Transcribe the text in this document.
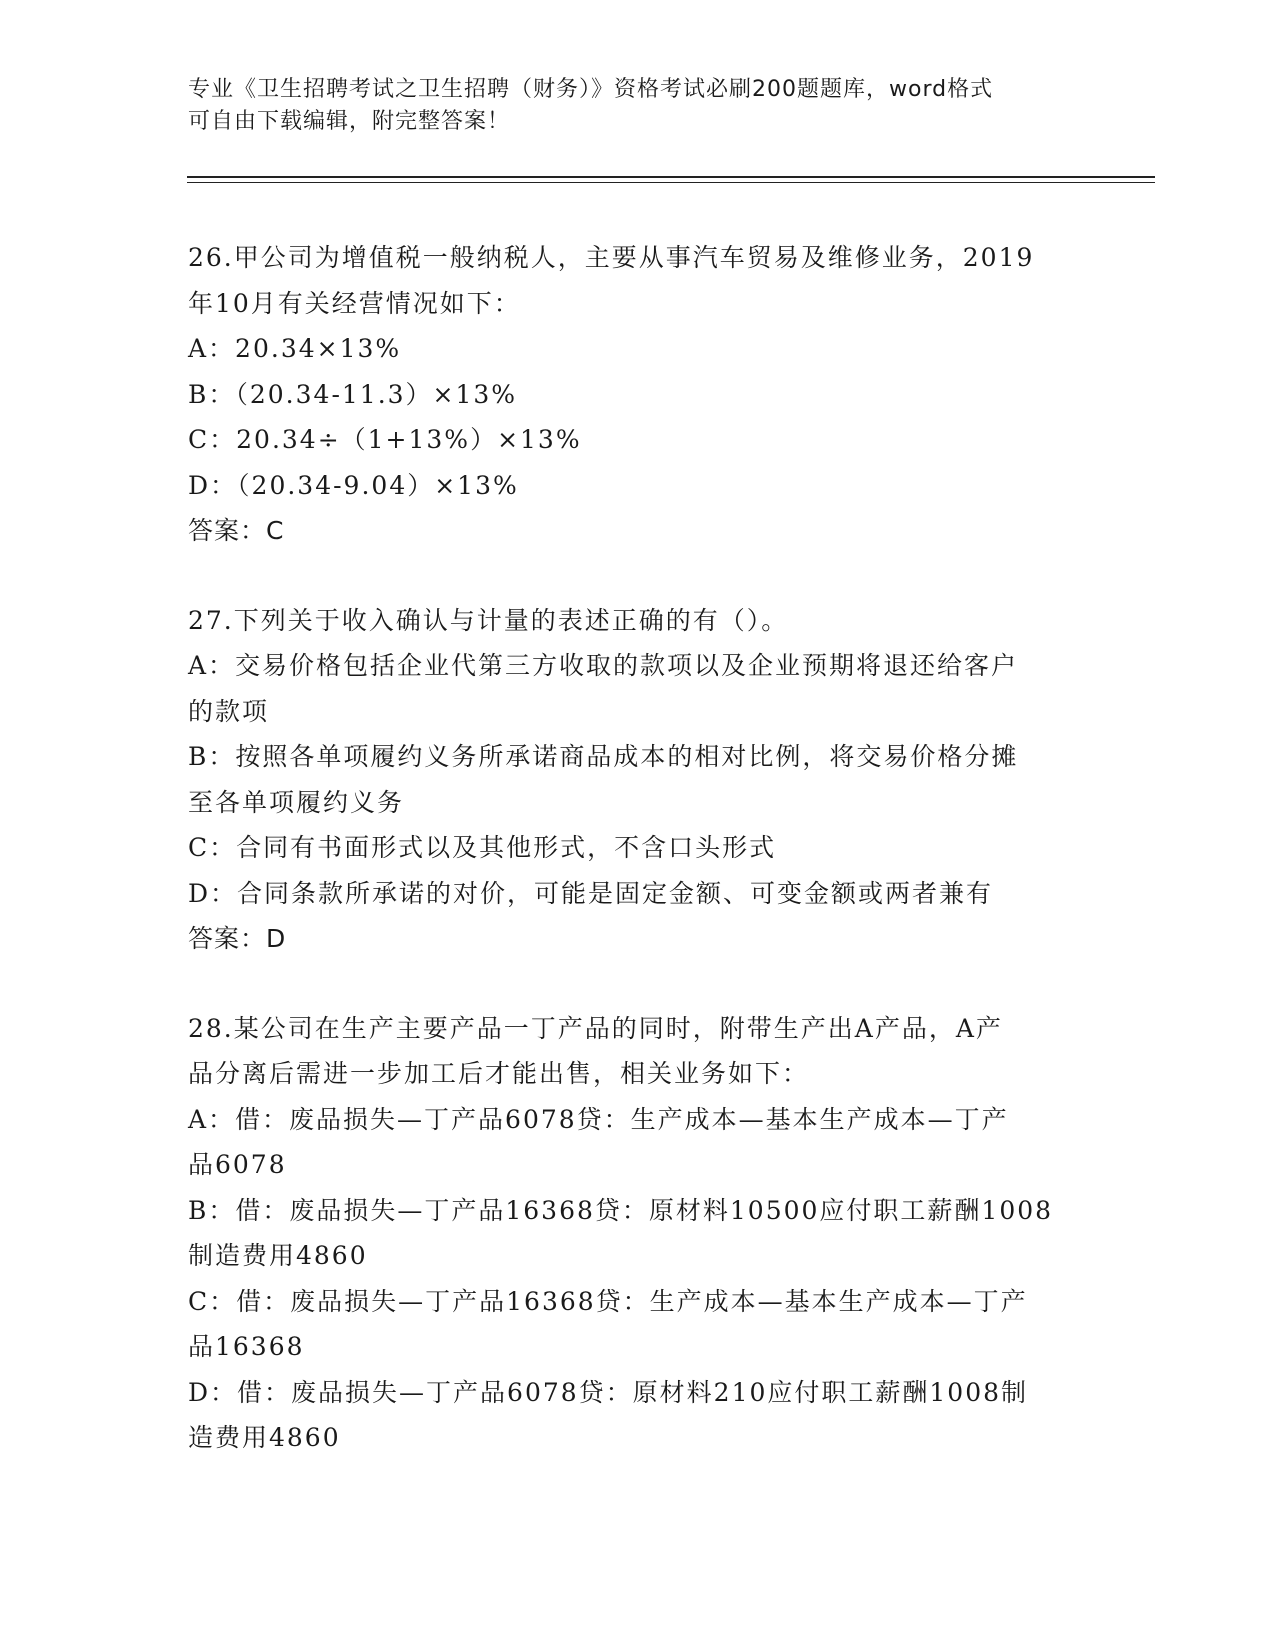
专业《卫生招聘考试之卫生招聘（财务）》资格考试必刷200题题库，word格式
可自由下载编辑，附完整答案！
26.甲公司为增值税一般纳税人，主要从事汽车贸易及维修业务，2019
年10月有关经营情况如下：
A：20.34×13%
B：（20.34-11.3）×13%
C：20.34÷（1+13%）×13%
D：（20.34-9.04）×13%
答案：C
27.下列关于收入确认与计量的表述正确的有（）。
A：交易价格包括企业代第三方收取的款项以及企业预期将退还给客户
的款项
B：按照各单项履约义务所承诺商品成本的相对比例，将交易价格分摊
至各单项履约义务
C：合同有书面形式以及其他形式，不含口头形式
D：合同条款所承诺的对价，可能是固定金额、可变金额或两者兼有
答案：D
28.某公司在生产主要产品一丁产品的同时，附带生产出A产品，A产
品分离后需进一步加工后才能出售，相关业务如下：
A：借：废品损失—丁产品6078贷：生产成本—基本生产成本—丁产
品6078
B：借：废品损失—丁产品16368贷：原材料10500应付职工薪酬1008
制造费用4860
C：借：废品损失—丁产品16368贷：生产成本—基本生产成本—丁产
品16368
D：借：废品损失—丁产品6078贷：原材料210应付职工薪酬1008制
造费用4860
